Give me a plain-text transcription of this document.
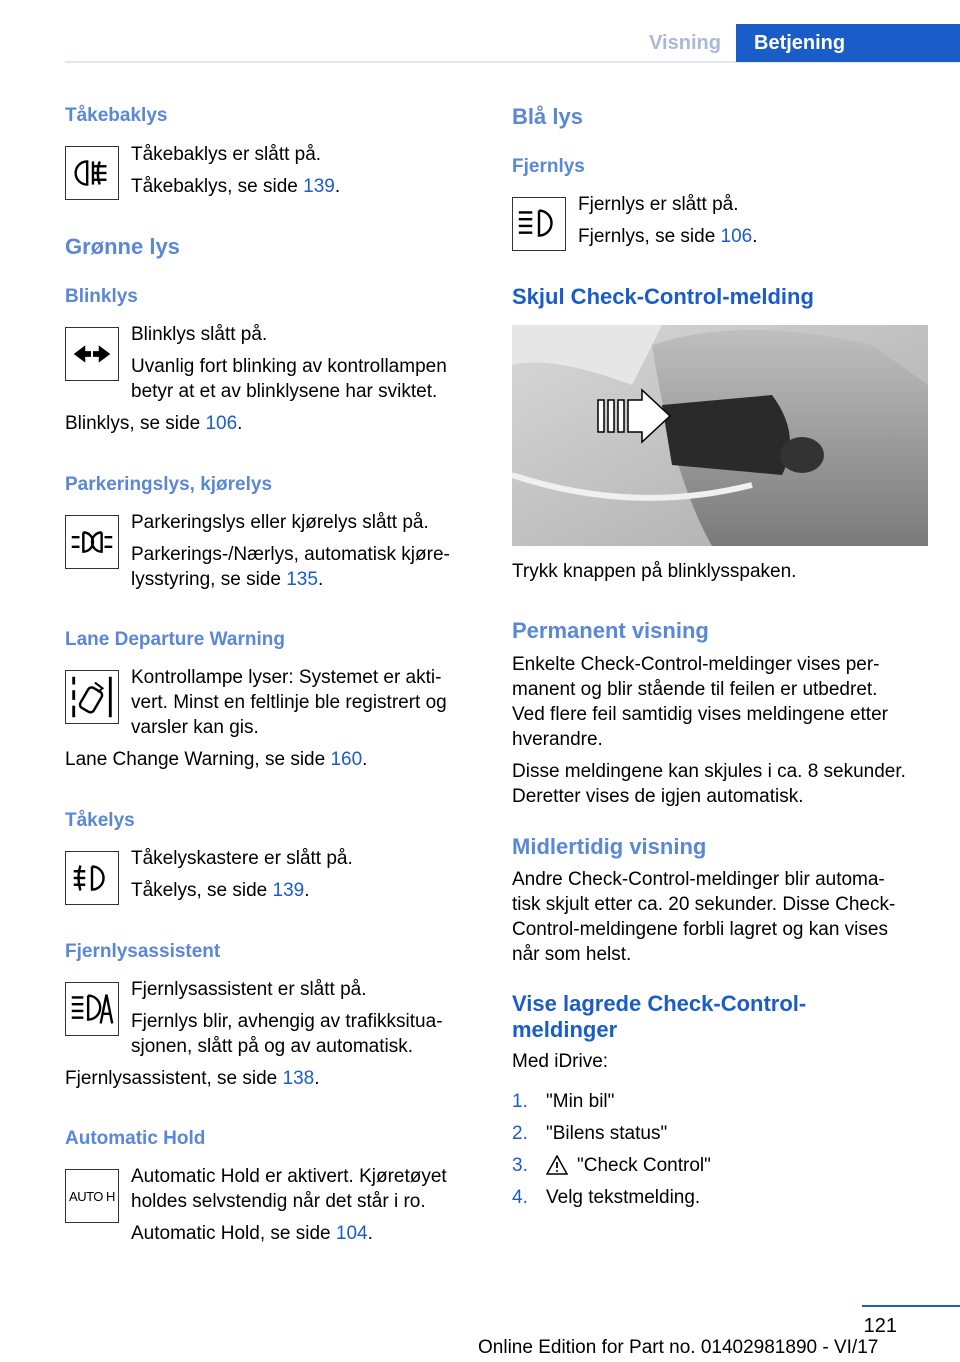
Visning	Betjening
Tåkebaklys
Tåkebaklys er slått på.
Tåkebaklys, se side 139.
Grønne lys
Blinklys
Blinklys slått på.
Uvanlig fort blinking av kontrollampen
betyr at et av blinklysene har sviktet.
Blinklys, se side 106.
Parkeringslys, kjørelys
Parkeringslys eller kjørelys slått på.
Parkerings-/Nærlys, automatisk kjøre-
lysstyring, se side 135.
Lane Departure Warning
Kontrollampe lyser: Systemet er akti-
vert. Minst en feltlinje ble registrert og
varsler kan gis.
Lane Change Warning, se side 160.
Tåkelys
Tåkelyskastere er slått på.
Tåkelys, se side 139.
Fjernlysassistent
Fjernlysassistent er slått på.
Fjernlys blir, avhengig av trafikksitua-
sjonen, slått på og av automatisk.
Fjernlysassistent, se side 138.
Automatic Hold
AUTO H
Automatic Hold er aktivert. Kjøretøyet
holdes selvstendig når det står i ro.
Automatic Hold, se side 104.
Blå lys
Fjernlys
Fjernlys er slått på.
Fjernlys, se side 106.
Skjul Check-Control-melding
Trykk knappen på blinklysspaken.
Permanent visning
Enkelte Check-Control-meldinger vises per-
manent og blir stående til feilen er utbedret.
Ved flere feil samtidig vises meldingene etter
hverandre.
Disse meldingene kan skjules i ca. 8 sekunder.
Deretter vises de igjen automatisk.
Midlertidig visning
Andre Check-Control-meldinger blir automa-
tisk skjult etter ca. 20 sekunder. Disse Check-
Control-meldingene forbli lagret og kan vises
når som helst.
Vise lagrede Check-Control-
meldinger
Med iDrive:
1. "Min bil"
2. "Bilens status"
3.	"Check Control"
4. Velg tekstmelding.
121
Online Edition for Part no. 01402981890 - VI/17
